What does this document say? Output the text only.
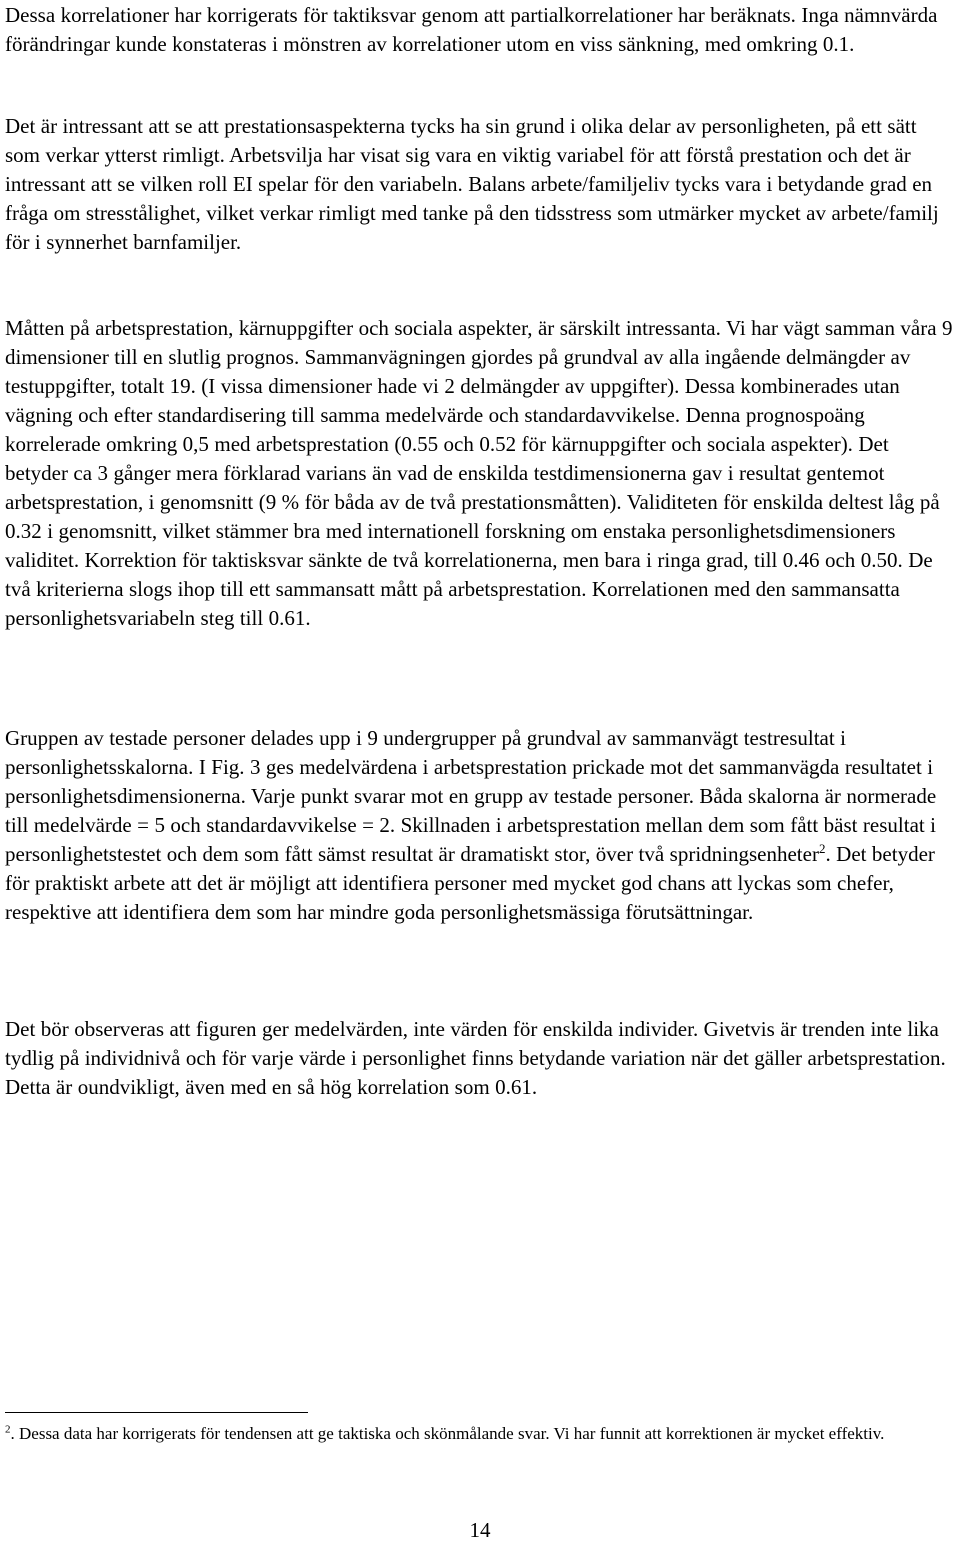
Dessa korrelationer har korrigerats för taktiksvar genom att partialkorrelationer har beräknats. Inga nämnvärda förändringar kunde konstateras i mönstren av korrelationer utom en viss sänkning, med omkring 0.1.

Det är intressant att se att prestationsaspekterna tycks ha sin grund i olika delar av personligheten, på ett sätt som verkar ytterst rimligt. Arbetsvilja har visat sig vara en viktig variabel för att förstå prestation och det är intressant att se vilken roll EI spelar för den variabeln. Balans arbete/familjeliv tycks vara i betydande grad en fråga om stresstålighet, vilket verkar rimligt med tanke på den tidsstress som utmärker mycket av arbete/familj för i synnerhet barnfamiljer.

Måtten på arbetsprestation, kärnuppgifter och sociala aspekter, är särskilt intressanta. Vi har vägt samman våra 9 dimensioner till en slutlig prognos. Sammanvägningen gjordes på grundval av alla ingående delmängder av testuppgifter, totalt 19. (I vissa dimensioner hade vi 2 delmängder av uppgifter). Dessa kombinerades utan vägning och efter standardisering till samma medelvärde och standardavvikelse. Denna prognospoäng korrelerade omkring 0,5 med arbetsprestation (0.55 och 0.52 för kärnuppgifter och sociala aspekter). Det betyder ca 3 gånger mera förklarad varians än vad de enskilda testdimensionerna gav i resultat gentemot arbetsprestation, i genomsnitt (9 % för båda av de två prestationsmåtten). Validiteten för enskilda deltest låg på 0.32 i genomsnitt, vilket stämmer bra med internationell forskning om enstaka personlighetsdimensioners validitet. Korrektion för taktisksvar sänkte de två korrelationerna, men bara i ringa grad, till 0.46 och 0.50. De två kriterierna slogs ihop till ett sammansatt mått på arbetsprestation. Korrelationen med den sammansatta personlighetsvariabeln steg till 0.61.

Gruppen av testade personer delades upp i 9 undergrupper på grundval av sammanvägt testresultat i personlighetsskalorna. I Fig. 3 ges medelvärdena i arbetsprestation prickade mot det sammanvägda resultatet i personlighetsdimensionerna. Varje punkt svarar mot en grupp av testade personer. Båda skalorna är normerade till medelvärde = 5 och standardavvikelse = 2. Skillnaden i arbetsprestation mellan dem som fått bäst resultat i personlighetstestet och dem som fått sämst resultat är dramatiskt stor, över två spridningsenheter$^2$. Det betyder för praktiskt arbete att det är möjligt att identifiera personer med mycket god chans att lyckas som chefer, respektive att identifiera dem som har mindre goda personlighetsmässiga förutsättningar.

Det bör observeras att figuren ger medelvärden, inte värden för enskilda individer. Givetvis är trenden inte lika tydlig på individnivå och för varje värde i personlighet finns betydande variation när det gäller arbetsprestation. Detta är oundvikligt, även med en så hög korrelation som 0.61.

$^2$. Dessa data har korrigerats för tendensen att ge taktiska och skönmålande svar. Vi har funnit att korrektionen är mycket effektiv.

14
